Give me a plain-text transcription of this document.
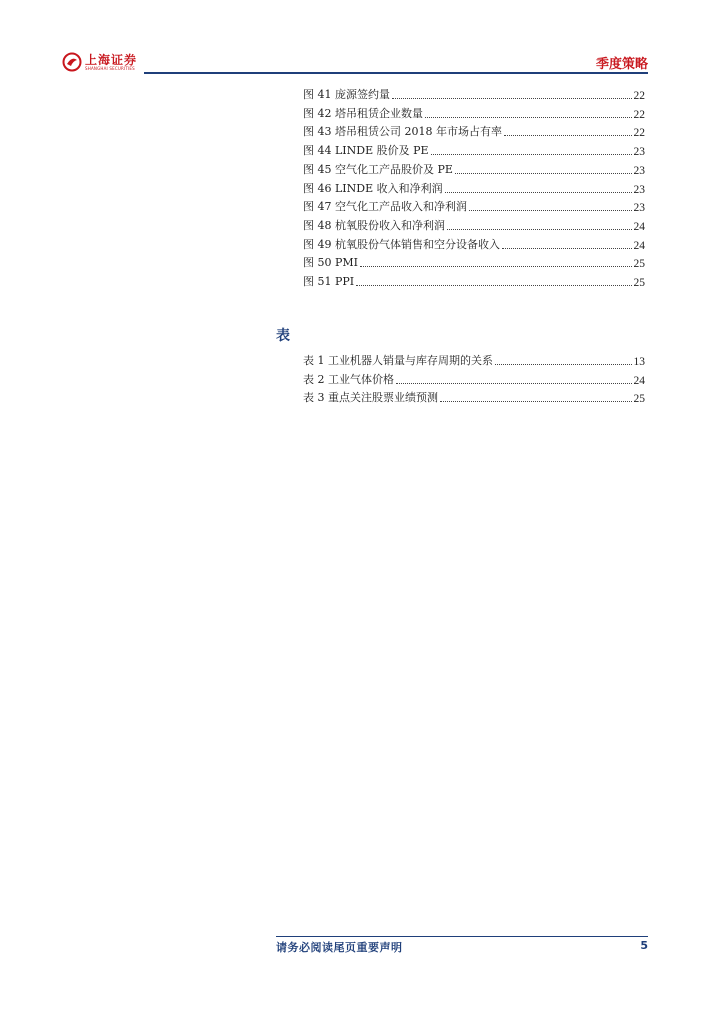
上海证券
SHANGHAI SECURITIES	季度策略
图 41 庞源签约量	22
图 42 塔吊租赁企业数量	22
图 43 塔吊租赁公司 2018 年市场占有率	22
图 44 LINDE 股价及 PE	23
图 45 空气化工产品股价及 PE	23
图 46 LINDE 收入和净利润	23
图 47 空气化工产品收入和净利润	23
图 48 杭氧股份收入和净利润	24
图 49 杭氧股份气体销售和空分设备收入	24
图 50 PMI	25
图 51 PPI	25
表
表 1 工业机器人销量与库存周期的关系	13
表 2 工业气体价格	24
表 3 重点关注股票业绩预测	25
请务必阅读尾页重要声明	5
